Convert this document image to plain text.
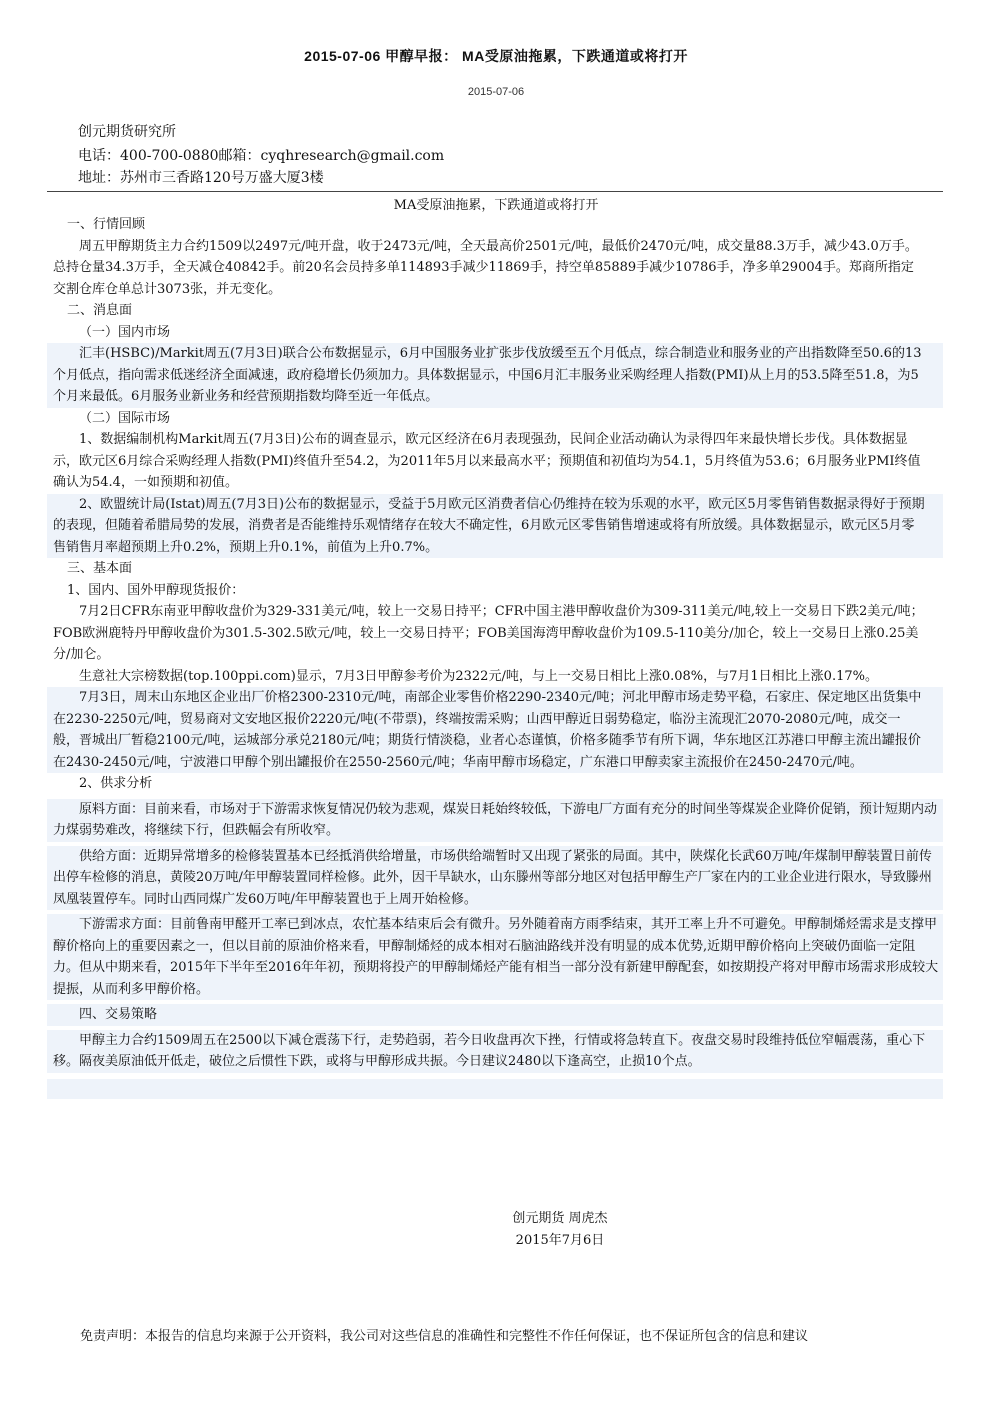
2015-07-06 甲醇早报： MA受原油拖累，下跌通道或将打开
2015-07-06
创元期货研究所
电话：400-700-0880邮箱：cyqhresearch@gmail.com
地址：苏州市三香路120号万盛大厦3楼
MA受原油拖累，下跌通道或将打开

一、行情回顾

周五甲醇期货主力合约1509以2497元/吨开盘，收于2473元/吨，全天最高价2501元/吨，最低价2470元/吨，成交量88.3万手，减少43.0万手。总持仓量34.3万手，全天减仓40842手。前20名会员持多单114893手减少11869手，持空单85889手减少10786手，净多单29004手。郑商所指定交割仓库仓单总计3073张，并无变化。

二、消息面

（一）国内市场

汇丰(HSBC)/Markit周五(7月3日)联合公布数据显示，6月中国服务业扩张步伐放缓至五个月低点，综合制造业和服务业的产出指数降至50.6的13个月低点，指向需求低迷经济全面减速，政府稳增长仍须加力。具体数据显示，中国6月汇丰服务业采购经理人指数(PMI)从上月的53.5降至51.8，为5个月来最低。6月服务业新业务和经营预期指数均降至近一年低点。

（二）国际市场

1、数据编制机构Markit周五(7月3日)公布的调查显示，欧元区经济在6月表现强劲，民间企业活动确认为录得四年来最快增长步伐。具体数据显示，欧元区6月综合采购经理人指数(PMI)终值升至54.2，为2011年5月以来最高水平；预期值和初值均为54.1，5月终值为53.6；6月服务业PMI终值确认为54.4，一如预期和初值。

2、欧盟统计局(Istat)周五(7月3日)公布的数据显示，受益于5月欧元区消费者信心仍维持在较为乐观的水平，欧元区5月零售销售数据录得好于预期的表现，但随着希腊局势的发展，消费者是否能维持乐观情绪存在较大不确定性，6月欧元区零售销售增速或将有所放缓。具体数据显示，欧元区5月零售销售月率超预期上升0.2%，预期上升0.1%，前值为上升0.7%。

三、基本面

1、国内、国外甲醇现货报价：

7月2日CFR东南亚甲醇收盘价为329-331美元/吨，较上一交易日持平；CFR中国主港甲醇收盘价为309-311美元/吨,较上一交易日下跌2美元/吨；FOB欧洲鹿特丹甲醇收盘价为301.5-302.5欧元/吨，较上一交易日持平；FOB美国海湾甲醇收盘价为109.5-110美分/加仑，较上一交易日上涨0.25美分/加仑。

生意社大宗榜数据(top.100ppi.com)显示，7月3日甲醇参考价为2322元/吨，与上一交易日相比上涨0.08%，与7月1日相比上涨0.17%。

7月3日，周末山东地区企业出厂价格2300-2310元/吨，南部企业零售价格2290-2340元/吨；河北甲醇市场走势平稳，石家庄、保定地区出货集中在2230-2250元/吨，贸易商对文安地区报价2220元/吨(不带票)，终端按需采购；山西甲醇近日弱势稳定，临汾主流现汇2070-2080元/吨，成交一般，晋城出厂暂稳2100元/吨，运城部分承兑2180元/吨；期货行情淡稳，业者心态谨慎，价格多随季节有所下调，华东地区江苏港口甲醇主流出罐报价在2430-2450元/吨，宁波港口甲醇个别出罐报价在2550-2560元/吨；华南甲醇市场稳定，广东港口甲醇卖家主流报价在2450-2470元/吨。

2、供求分析

原料方面：目前来看，市场对于下游需求恢复情况仍较为悲观，煤炭日耗始终较低，下游电厂方面有充分的时间坐等煤炭企业降价促销，预计短期内动力煤弱势难改，将继续下行，但跌幅会有所收窄。

供给方面：近期异常增多的检修装置基本已经抵消供给增量，市场供给端暂时又出现了紧张的局面。其中，陕煤化长武60万吨/年煤制甲醇装置日前传出停车检修的消息，黄陵20万吨/年甲醇装置同样检修。此外，因干旱缺水，山东滕州等部分地区对包括甲醇生产厂家在内的工业企业进行限水，导致滕州凤凰装置停车。同时山西同煤广发60万吨/年甲醇装置也于上周开始检修。

下游需求方面：目前鲁南甲醛开工率已到冰点，农忙基本结束后会有微升。另外随着南方雨季结束，其开工率上升不可避免。甲醇制烯烃需求是支撑甲醇价格向上的重要因素之一，但以目前的原油价格来看，甲醇制烯烃的成本相对石脑油路线并没有明显的成本优势,近期甲醇价格向上突破仍面临一定阻力。但从中期来看，2015年下半年至2016年年初，预期将投产的甲醇制烯烃产能有相当一部分没有新建甲醇配套，如按期投产将对甲醇市场需求形成较大提振，从而利多甲醇价格。

四、交易策略

甲醇主力合约1509周五在2500以下减仓震荡下行，走势趋弱，若今日收盘再次下挫，行情或将急转直下。夜盘交易时段维持低位窄幅震荡，重心下移。隔夜美原油低开低走，破位之后惯性下跌，或将与甲醇形成共振。今日建议2480以下逢高空，止损10个点。

创元期货 周虎杰
2015年7月6日
免责声明：本报告的信息均来源于公开资料，我公司对这些信息的准确性和完整性不作任何保证，也不保证所包含的信息和建议
